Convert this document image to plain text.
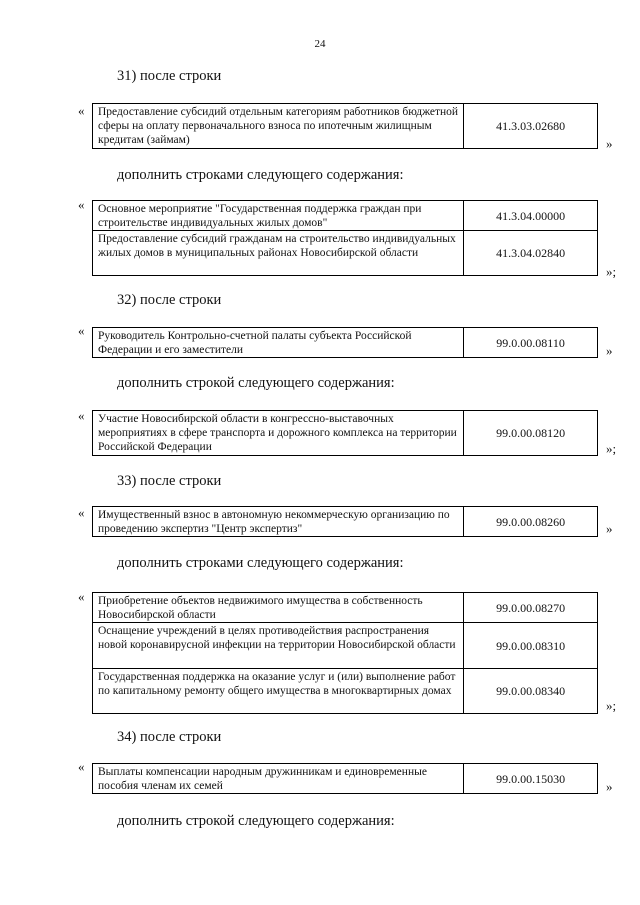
24
31) после строки
« Предоставление субсидий отдельным категориям работников бюджетной сферы на оплату первоначального взноса по ипотечным жилищным кредитам (займам)	41.3.03.02680
»
дополнить строками следующего содержания:
« Основное мероприятие "Государственная поддержка граждан при строительстве индивидуальных жилых домов"	41.3.04.00000
Предоставление субсидий гражданам на строительство индивидуальных жилых домов в муниципальных районах Новосибирской области	41.3.04.02840
»;
32) после строки
« Руководитель Контрольно-счетной палаты субъекта Российской Федерации и его заместители	99.0.00.08110
»
дополнить строкой следующего содержания:
« Участие Новосибирской области в конгрессно-выставочных мероприятиях в сфере транспорта и дорожного комплекса на территории Российской Федерации	99.0.00.08120
»;
33) после строки
« Имущественный взнос в автономную некоммерческую организацию по проведению экспертиз "Центр экспертиз"	99.0.00.08260	»
дополнить строками следующего содержания:
« Приобретение объектов недвижимого имущества в собственность Новосибирской области	99.0.00.08270
Оснащение учреждений в целях противодействия распространения новой коронавирусной инфекции на территории Новосибирской области	99.0.00.08310
Государственная поддержка на оказание услуг и (или) выполнение работ по капитальному ремонту общего имущества в многоквартирных домах	99.0.00.08340
»;
34) после строки
« Выплаты компенсации народным дружинникам и единовременные пособия членам их семей	99.0.00.15030
»
дополнить строкой следующего содержания:
